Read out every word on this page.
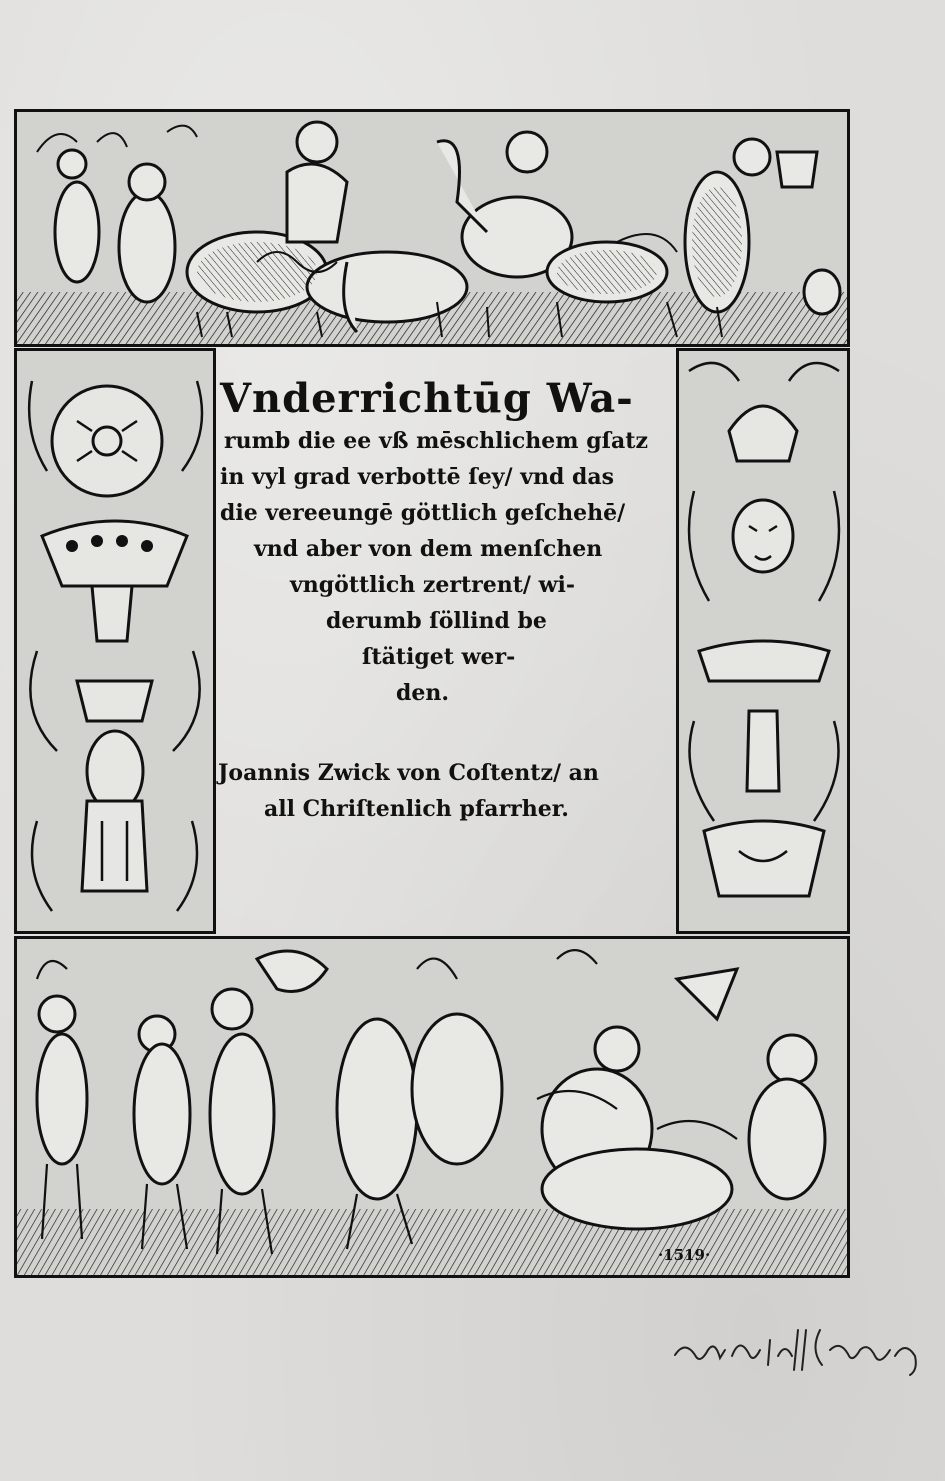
Vnderrichtūg Wa-
rumb die ee vß mēschlichem gſatz
in vyl grad verbottē ſey/ vnd das
die vereeungē göttlich geſchehē/
vnd aber von dem menſchen
vngöttlich zertrent/ wi-
derumb ſöllind be
ſtätiget wer-
den.
Joannis Zwick von Coſtentz/ an
all Chriſtenlich pfarrher.
·1519·
